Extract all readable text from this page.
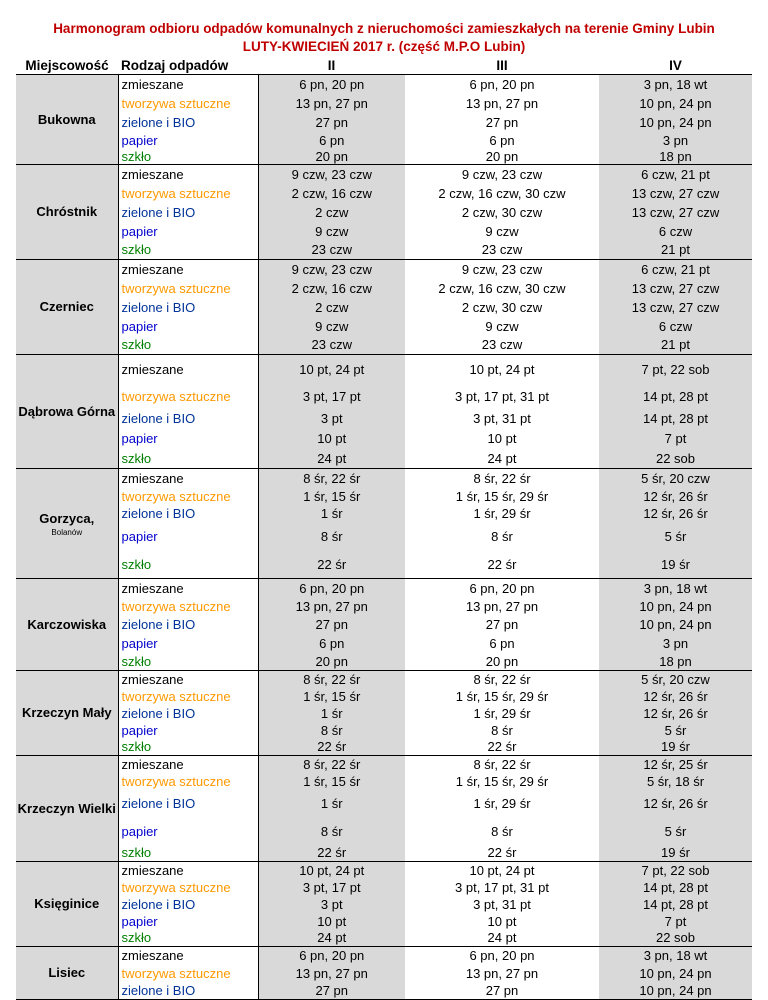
Harmonogram odbioru odpadów komunalnych z nieruchomości zamieszkałych na terenie Gminy Lubin
LUTY-KWIECIEŃ 2017 r. (część M.P.O Lubin)
Miejscowość	Rodzaj odpadów	II	III	IV
Bukowna	zmieszane	6 pn, 20 pn	6 pn, 20 pn	3 pn, 18 wt
	tworzywa sztuczne	13 pn, 27 pn	13 pn, 27 pn	10 pn, 24 pn
	zielone i BIO	27 pn	27 pn	10 pn, 24 pn
	papier	6 pn	6 pn	3 pn
	szkło	20 pn	20 pn	18 pn
Chróstnik	zmieszane	9 czw, 23 czw	9 czw, 23 czw	6 czw, 21 pt
	tworzywa sztuczne	2 czw, 16 czw	2 czw, 16 czw, 30 czw	13 czw, 27 czw
	zielone i BIO	2 czw	2 czw, 30 czw	13 czw, 27 czw
	papier	9 czw	9 czw	6 czw
	szkło	23 czw	23 czw	21 pt
Czerniec	zmieszane	9 czw, 23 czw	9 czw, 23 czw	6 czw, 21 pt
	tworzywa sztuczne	2 czw, 16 czw	2 czw, 16 czw, 30 czw	13 czw, 27 czw
	zielone i BIO	2 czw	2 czw, 30 czw	13 czw, 27 czw
	papier	9 czw	9 czw	6 czw
	szkło	23 czw	23 czw	21 pt
Dąbrowa Górna	zmieszane	10 pt, 24 pt	10 pt, 24 pt	7 pt, 22 sob
	tworzywa sztuczne	3 pt, 17 pt	3 pt, 17 pt, 31 pt	14 pt, 28 pt
	zielone i BIO	3 pt	3 pt, 31 pt	14 pt, 28 pt
	papier	10 pt	10 pt	7 pt
	szkło	24 pt	24 pt	22 sob
Gorzyca,
Bolanów	zmieszane	8 śr, 22 śr	8 śr, 22 śr	5 śr, 20 czw
	tworzywa sztuczne	1 śr, 15 śr	1 śr, 15 śr, 29 śr	12 śr, 26 śr
	zielone i BIO	1 śr	1 śr, 29 śr	12 śr, 26 śr
	papier	8 śr	8 śr	5 śr
	szkło	22 śr	22 śr	19 śr
Karczowiska	zmieszane	6 pn, 20 pn	6 pn, 20 pn	3 pn, 18 wt
	tworzywa sztuczne	13 pn, 27 pn	13 pn, 27 pn	10 pn, 24 pn
	zielone i BIO	27 pn	27 pn	10 pn, 24 pn
	papier	6 pn	6 pn	3 pn
	szkło	20 pn	20 pn	18 pn
Krzeczyn Mały	zmieszane	8 śr, 22 śr	8 śr, 22 śr	5 śr, 20 czw
	tworzywa sztuczne	1 śr, 15 śr	1 śr, 15 śr, 29 śr	12 śr, 26 śr
	zielone i BIO	1 śr	1 śr, 29 śr	12 śr, 26 śr
	papier	8 śr	8 śr	5 śr
	szkło	22 śr	22 śr	19 śr
Krzeczyn Wielki	zmieszane	8 śr, 22 śr	8 śr, 22 śr	12 śr, 25 śr
	tworzywa sztuczne	1 śr, 15 śr	1 śr, 15 śr, 29 śr	5 śr, 18 śr
	zielone i BIO	1 śr	1 śr, 29 śr	12 śr, 26 śr
	papier	8 śr	8 śr	5 śr
	szkło	22 śr	22 śr	19 śr
Księginice	zmieszane	10 pt, 24 pt	10 pt, 24 pt	7 pt, 22 sob
	tworzywa sztuczne	3 pt, 17 pt	3 pt, 17 pt, 31 pt	14 pt, 28 pt
	zielone i BIO	3 pt	3 pt, 31 pt	14 pt, 28 pt
	papier	10 pt	10 pt	7 pt
	szkło	24 pt	24 pt	22 sob
Lisiec	zmieszane	6 pn, 20 pn	6 pn, 20 pn	3 pn, 18 wt
	tworzywa sztuczne	13 pn, 27 pn	13 pn, 27 pn	10 pn, 24 pn
	zielone i BIO	27 pn	27 pn	10 pn, 24 pn
